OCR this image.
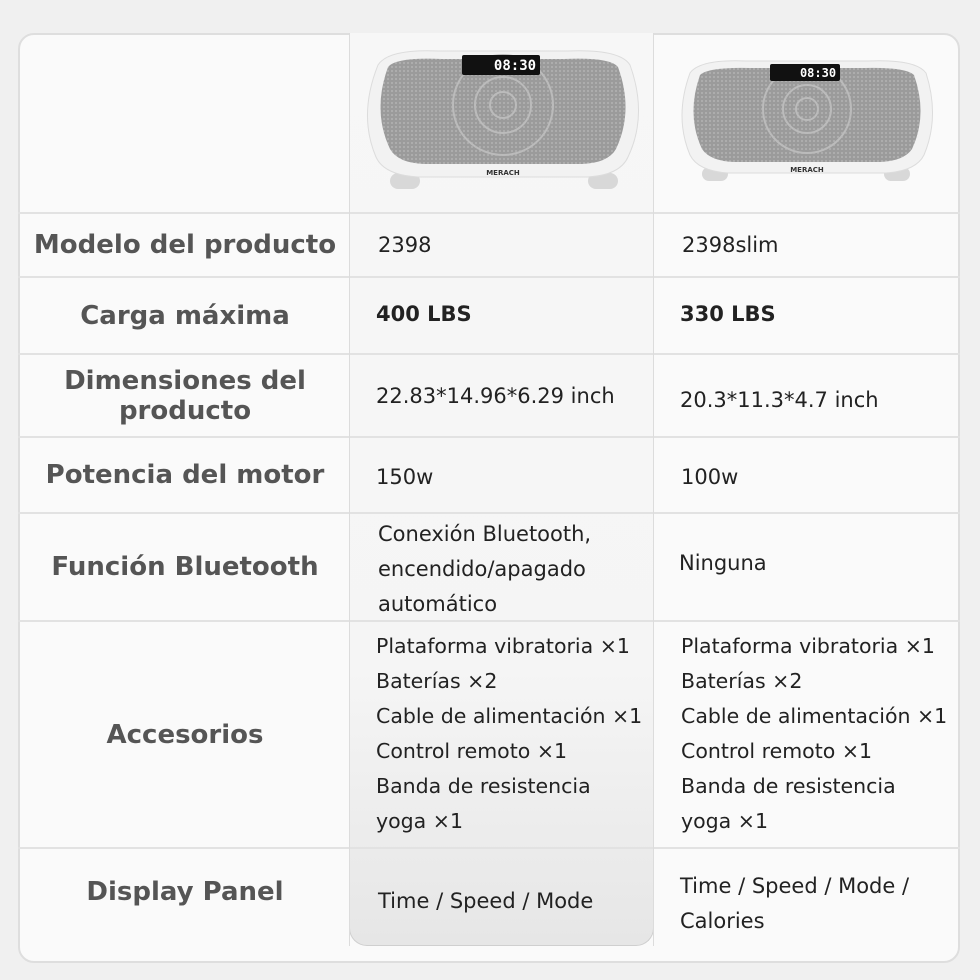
08:30
MERACH
08:30
MERACH
Modelo del producto
Carga máxima
Dimensiones del
producto
Potencia del motor
Función Bluetooth
Accesorios
Display Panel
2398
400 LBS
22.83*14.96*6.29 inch
150w
Conexión Bluetooth,
encendido/apagado
automático
Plataforma vibratoria ×1
Baterías ×2
Cable de alimentación ×1
Control remoto ×1
Banda de resistencia
yoga ×1
Time / Speed / Mode
2398slim
330 LBS
20.3*11.3*4.7 inch
100w
Ninguna
Plataforma vibratoria ×1
Baterías ×2
Cable de alimentación ×1
Control remoto ×1
Banda de resistencia
yoga ×1
Time / Speed / Mode /
Calories
